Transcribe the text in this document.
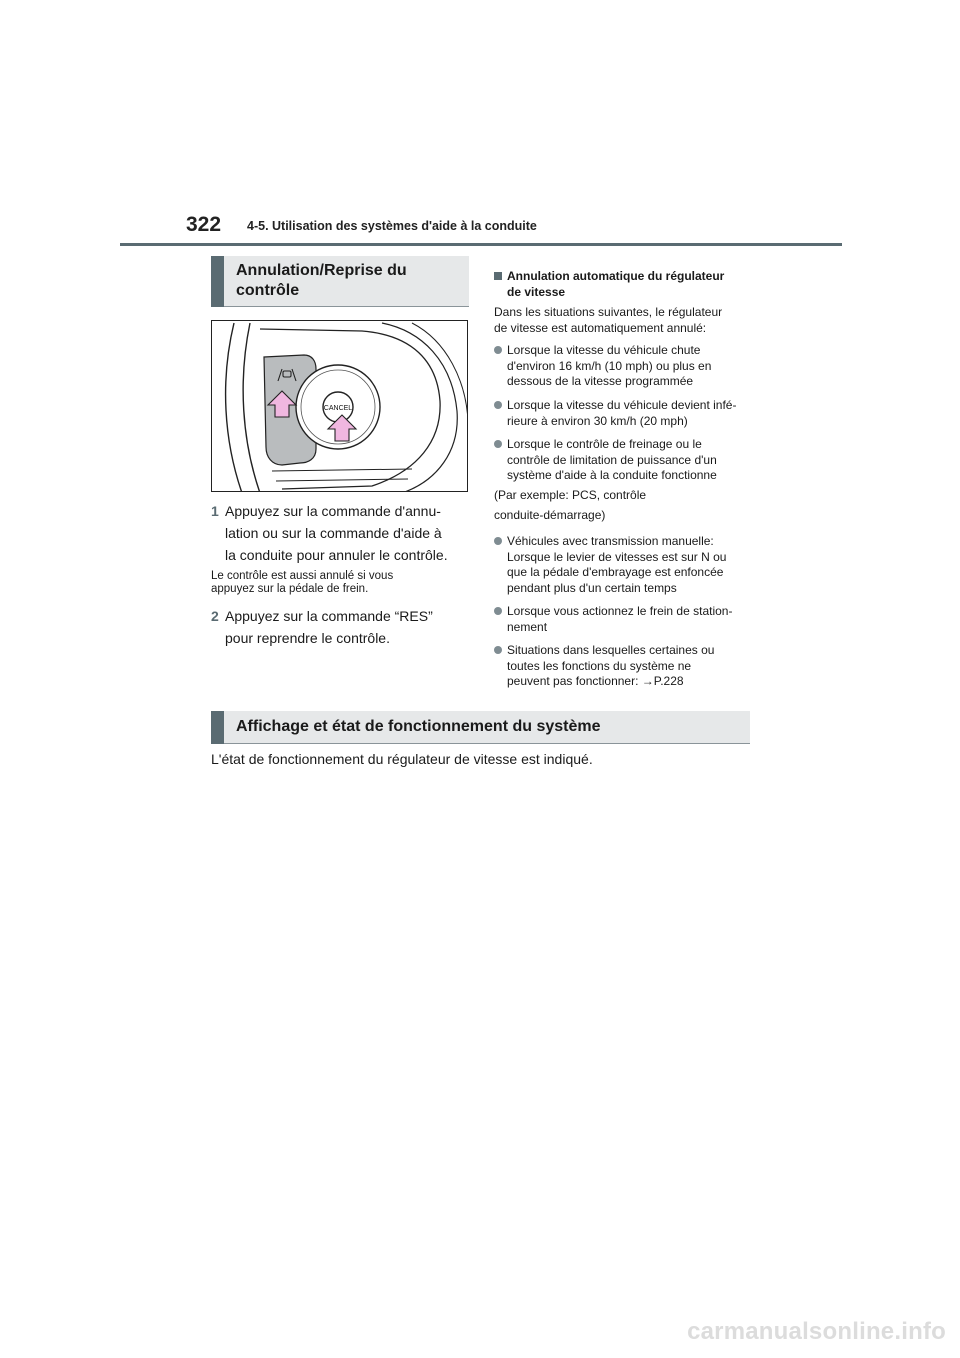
322 4-5. Utilisation des systèmes d'aide à la conduite
Annulation/Reprise du
contrôle
CANCEL
1 Appuyez sur la commande d'annu-
lation ou sur la commande d'aide à
la conduite pour annuler le contrôle.
Le contrôle est aussi annulé si vous
appuyez sur la pédale de frein.
2 Appuyez sur la commande “RES”
pour reprendre le contrôle.
Annulation automatique du régulateur
de vitesse
Dans les situations suivantes, le régulateur
de vitesse est automatiquement annulé:
Lorsque la vitesse du véhicule chute
d'environ 16 km/h (10 mph) ou plus en
dessous de la vitesse programmée
Lorsque la vitesse du véhicule devient infé-
rieure à environ 30 km/h (20 mph)
Lorsque le contrôle de freinage ou le
contrôle de limitation de puissance d'un
système d'aide à la conduite fonctionne
(Par exemple: PCS, contrôle
conduite-démarrage)
Véhicules avec transmission manuelle:
Lorsque le levier de vitesses est sur N ou
que la pédale d'embrayage est enfoncée
pendant plus d'un certain temps
Lorsque vous actionnez le frein de station-
nement
Situations dans lesquelles certaines ou
toutes les fonctions du système ne
peuvent pas fonctionner: →P.228
Affichage et état de fonctionnement du système
L'état de fonctionnement du régulateur de vitesse est indiqué.
carmanualsonline.info
